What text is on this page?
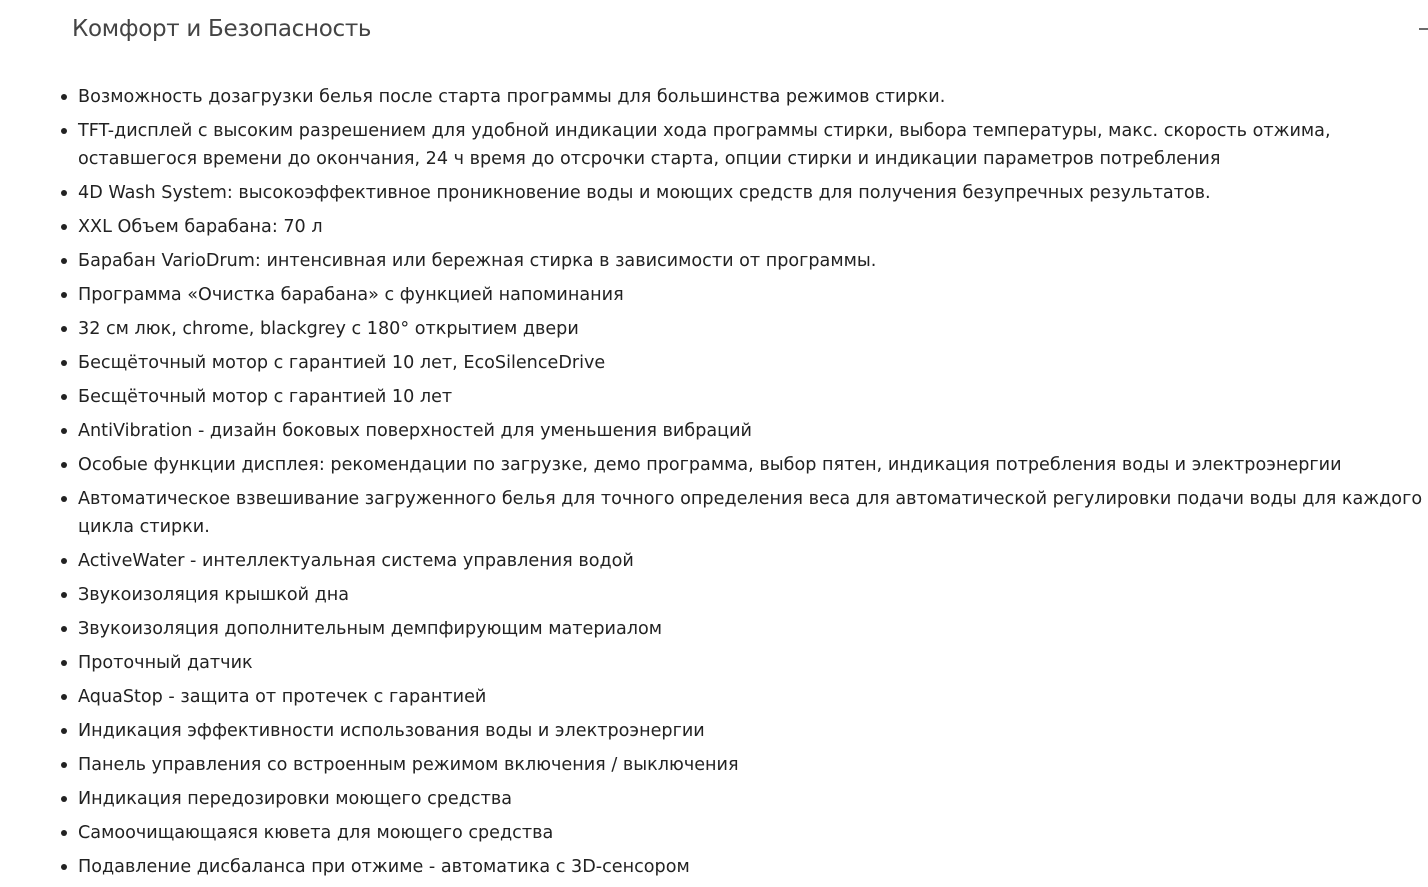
Комфорт и Безопасность
Возможность дозагрузки белья после старта программы для большинства режимов стирки.
TFT-дисплей с высоким разрешением для удобной индикации хода программы стирки, выбора температуры, макс. скорость отжима, оставшегося времени до окончания, 24 ч время до отсрочки старта, опции стирки и индикации параметров потребления
4D Wash System: высокоэффективное проникновение воды и моющих средств для получения безупречных результатов.
XXL Объем барабана: 70 л
Барабан VarioDrum: интенсивная или бережная стирка в зависимости от программы.
Программа «Очистка барабана» с функцией напоминания
32 см люк, chrome, blackgrey с 180° открытием двери
Бесщёточный мотор с гарантией 10 лет, EcoSilenceDrive
Бесщёточный мотор с гарантией 10 лет
AntiVibration - дизайн боковых поверхностей для уменьшения вибраций
Особые функции дисплея: рекомендации по загрузке, демо программа, выбор пятен, индикация потребления воды и электроэнергии
Автоматическое взвешивание загруженного белья для точного определения веса для автоматической регулировки подачи воды для каждого цикла стирки.
ActiveWater - интеллектуальная система управления водой
Звукоизоляция крышкой дна
Звукоизоляция дополнительным демпфирующим материалом
Проточный датчик
AquaStop - защита от протечек с гарантией
Индикация эффективности использования воды и электроэнергии
Панель управления со встроенным режимом включения / выключения
Индикация передозировки моющего средства
Самоочищающаяся кювета для моющего средства
Подавление дисбаланса при отжиме - автоматика с 3D-сенсором
